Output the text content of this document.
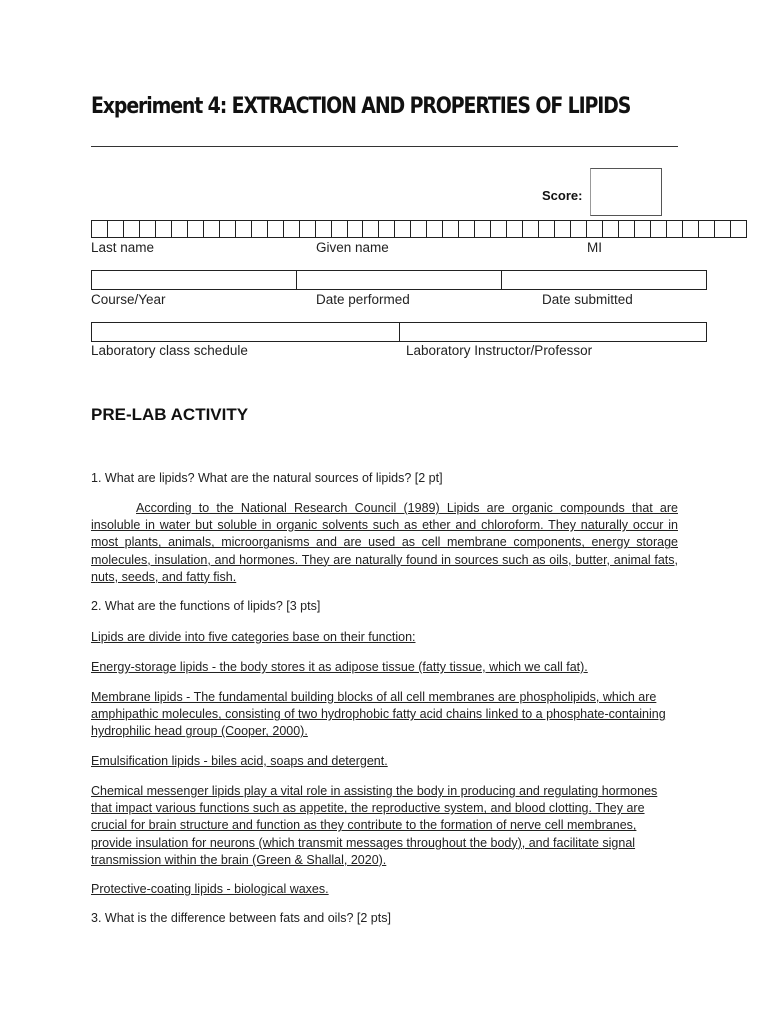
Experiment 4: EXTRACTION AND PROPERTIES OF LIPIDS
Score:
Last name	Given name	MI
Course/Year	Date performed	Date submitted
Laboratory class schedule	Laboratory Instructor/Professor
PRE-LAB ACTIVITY
1. What are lipids? What are the natural sources of lipids? [2 pt]
According to the National Research Council (1989) Lipids are organic compounds that are insoluble in water but soluble in organic solvents such as ether and chloroform. They naturally occur in most plants, animals, microorganisms and are used as cell membrane components, energy storage molecules, insulation, and hormones. They are naturally found in sources such as oils, butter, animal fats, nuts, seeds, and fatty fish.
2. What are the functions of lipids? [3 pts]
Lipids are divide into five categories base on their function:
Energy-storage lipids - the body stores it as adipose tissue (fatty tissue, which we call fat).
Membrane lipids - The fundamental building blocks of all cell membranes are phospholipids, which are amphipathic molecules, consisting of two hydrophobic fatty acid chains linked to a phosphate-containing hydrophilic head group (Cooper, 2000).
Emulsification lipids - biles acid, soaps and detergent.
Chemical messenger lipids play a vital role in assisting the body in producing and regulating hormones that impact various functions such as appetite, the reproductive system, and blood clotting. They are crucial for brain structure and function as they contribute to the formation of nerve cell membranes, provide insulation for neurons (which transmit messages throughout the body), and facilitate signal transmission within the brain (Green & Shallal, 2020).
Protective-coating lipids - biological waxes.
3. What is the difference between fats and oils? [2 pts]
